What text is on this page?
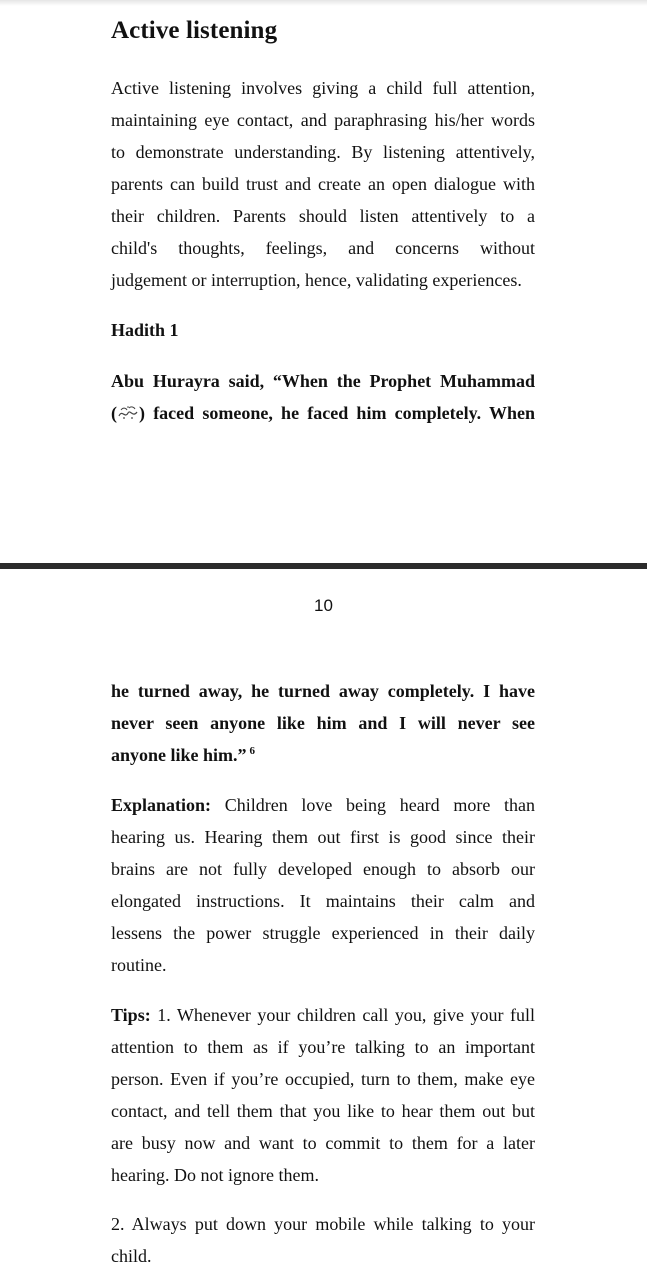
Active listening
Active listening involves giving a child full attention,
maintaining eye contact, and paraphrasing his/her words
to demonstrate understanding. By listening attentively,
parents can build trust and create an open dialogue with
their children. Parents should listen attentively to a
child's thoughts, feelings, and concerns without
judgement or interruption, hence, validating experiences.

Hadith 1

Abu Hurayra said, “When the Prophet Muhammad
( ) faced someone, he faced him completely. When
10
he turned away, he turned away completely. I have
never seen anyone like him and I will never see
anyone like him.” $^6$
Explanation: Children love being heard more than
hearing us. Hearing them out first is good since their
brains are not fully developed enough to absorb our
elongated instructions. It maintains their calm and
lessens the power struggle experienced in their daily
routine.
Tips: 1. Whenever your children call you, give your full
attention to them as if you’re talking to an important
person. Even if you’re occupied, turn to them, make eye
contact, and tell them that you like to hear them out but
are busy now and want to commit to them for a later
hearing. Do not ignore them.
2. Always put down your mobile while talking to your
child.
